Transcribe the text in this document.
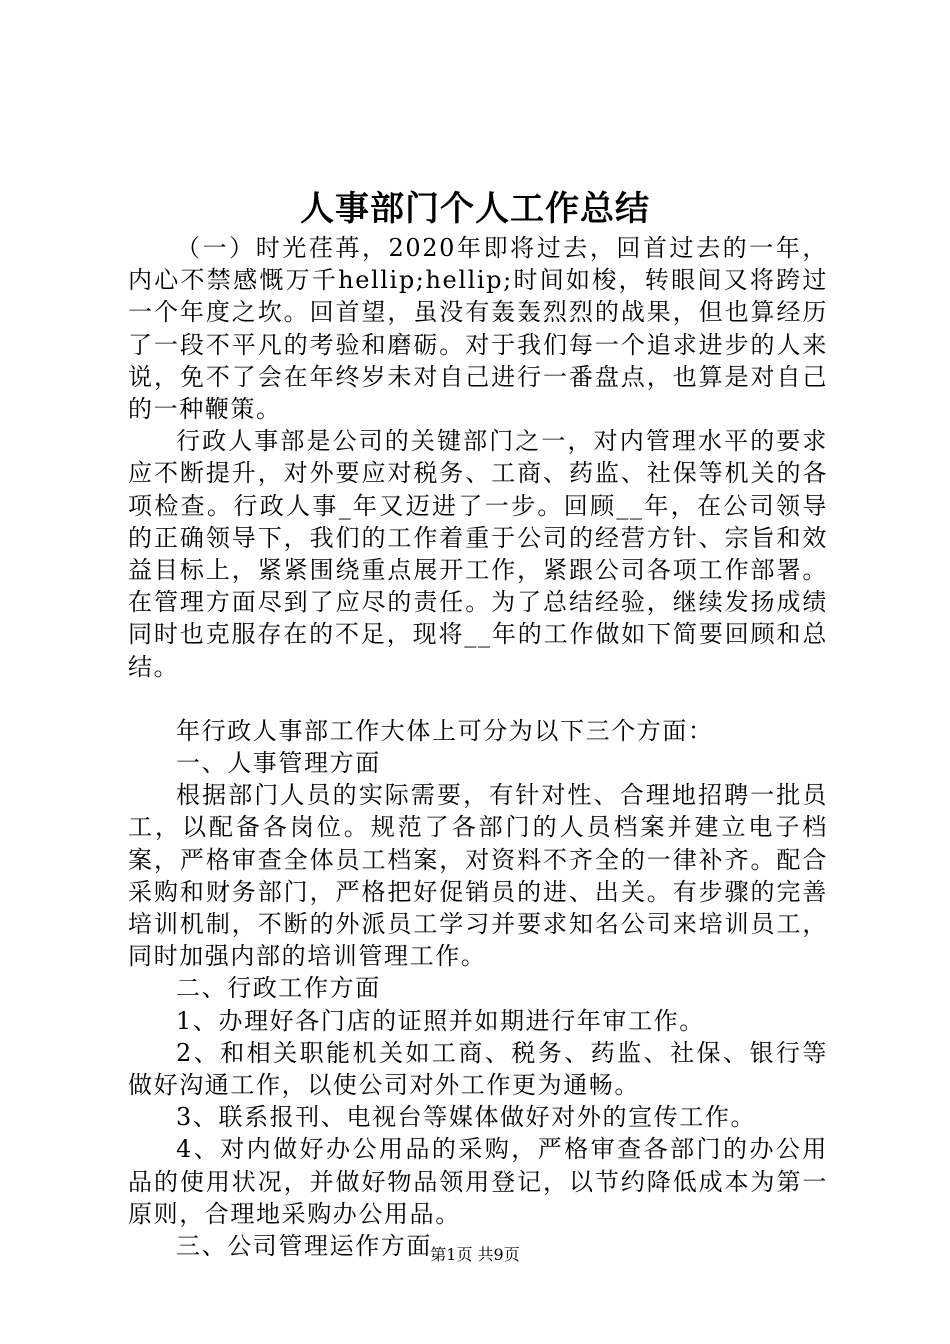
人事部门个人工作总结

（一）时光荏苒，2020年即将过去，回首过去的一年，内心不禁感慨万千hellip;hellip;时间如梭，转眼间又将跨过一个年度之坎。回首望，虽没有轰轰烈烈的战果，但也算经历了一段不平凡的考验和磨砺。对于我们每一个追求进步的人来说，免不了会在年终岁未对自己进行一番盘点，也算是对自己的一种鞭策。

行政人事部是公司的关键部门之一，对内管理水平的要求应不断提升，对外要应对税务、工商、药监、社保等机关的各项检查。行政人事_年又迈进了一步。回顾__年，在公司领导的正确领导下，我们的工作着重于公司的经营方针、宗旨和效益目标上，紧紧围绕重点展开工作，紧跟公司各项工作部署。在管理方面尽到了应尽的责任。为了总结经验，继续发扬成绩同时也克服存在的不足，现将__年的工作做如下简要回顾和总结。

年行政人事部工作大体上可分为以下三个方面：

一、人事管理方面

根据部门人员的实际需要，有针对性、合理地招聘一批员工，以配备各岗位。规范了各部门的人员档案并建立电子档案，严格审查全体员工档案，对资料不齐全的一律补齐。配合采购和财务部门，严格把好促销员的进、出关。有步骤的完善培训机制，不断的外派员工学习并要求知名公司来培训员工，同时加强内部的培训管理工作。

二、行政工作方面

1、办理好各门店的证照并如期进行年审工作。

2、和相关职能机关如工商、税务、药监、社保、银行等做好沟通工作，以使公司对外工作更为通畅。

3、联系报刊、电视台等媒体做好对外的宣传工作。

4、对内做好办公用品的采购，严格审查各部门的办公用品的使用状况，并做好物品领用登记，以节约降低成本为第一原则，合理地采购办公用品。

三、公司管理运作方面

第1页 共9页
